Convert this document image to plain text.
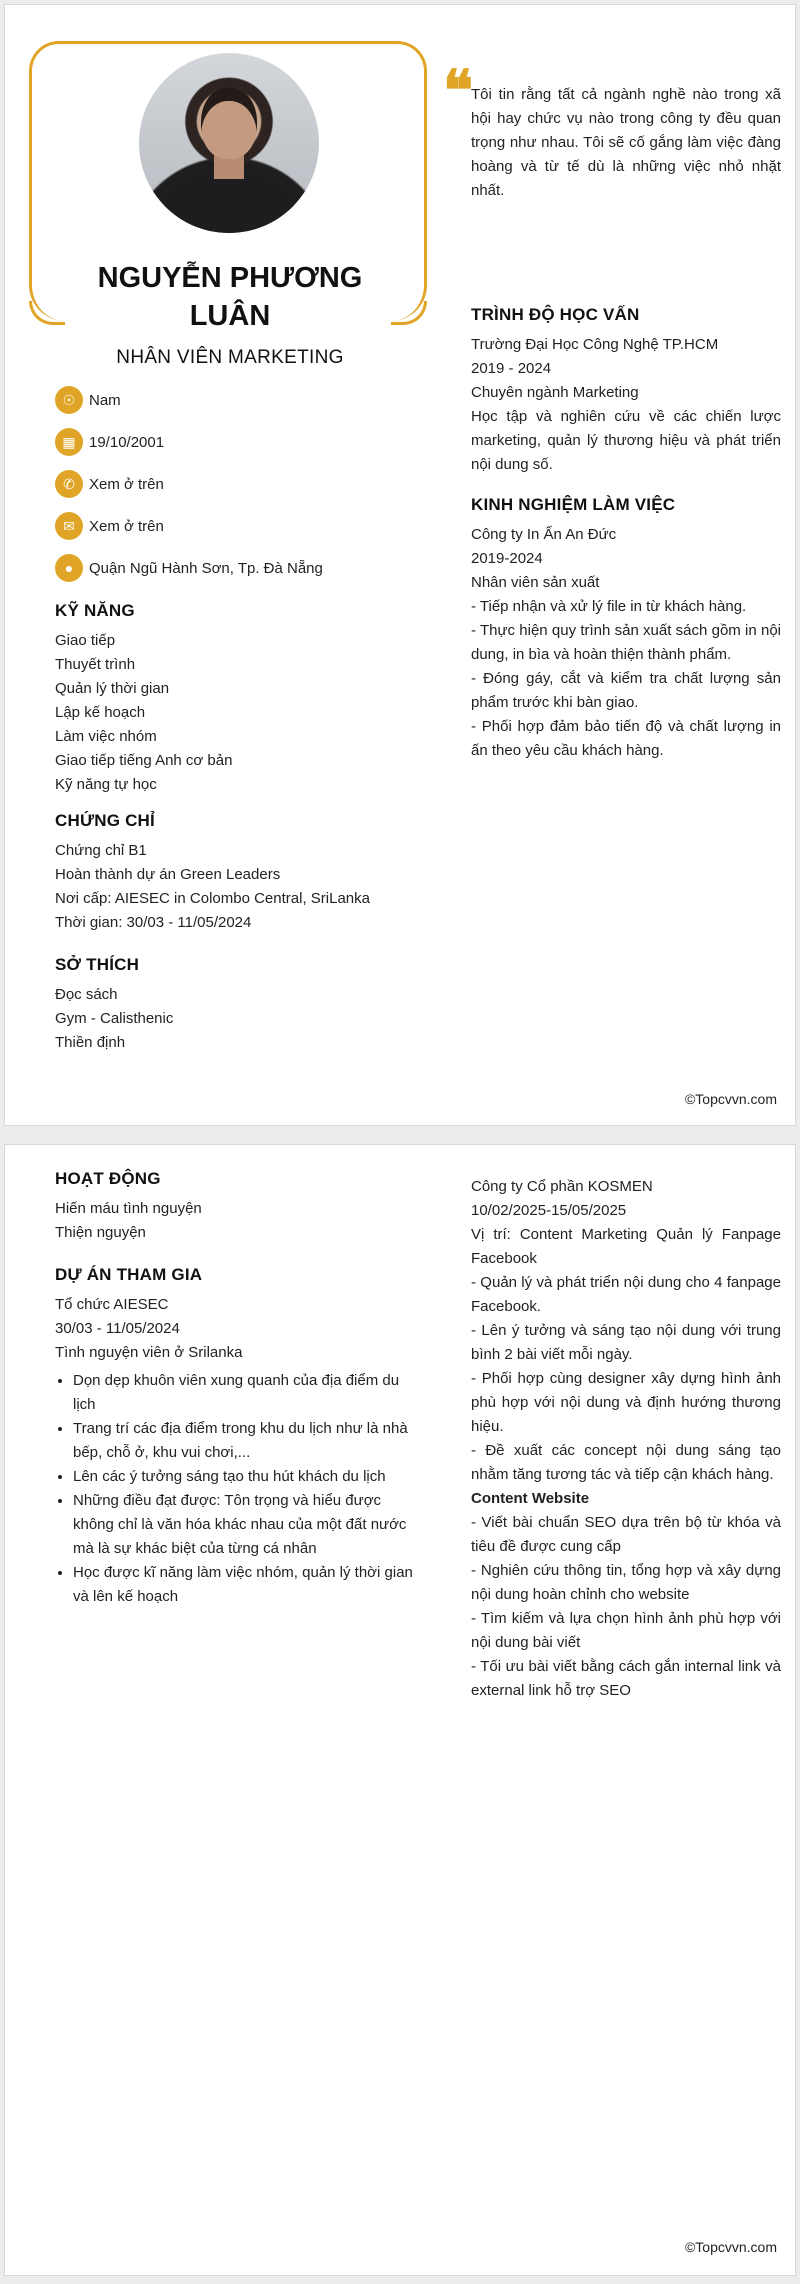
NGUYỄN PHƯƠNG LUÂN
NHÂN VIÊN MARKETING
☉ Nam
▦ 19/10/2001
✆ Xem ở trên
✉ Xem ở trên
●	Quận Ngũ Hành Sơn, Tp. Đà Nẵng
KỸ NĂNG
Giao tiếp
Thuyết trình
Quản lý thời gian
Lập kế hoạch
Làm việc nhóm
Giao tiếp tiếng Anh cơ bản
Kỹ năng tự học
CHỨNG CHỈ
Chứng chỉ B1
Hoàn thành dự án Green Leaders
Nơi cấp: AIESEC in Colombo Central, SriLanka
Thời gian: 30/03 - 11/05/2024
SỞ THÍCH
Đọc sách
Gym - Calisthenic
Thiền định
❝
Tôi tin rằng tất cả ngành nghề nào trong xã hội hay chức vụ nào trong công ty đều quan trọng như nhau. Tôi sẽ cố gắng làm việc đàng hoàng và từ tế dù là những việc nhỏ nhặt nhất.
TRÌNH ĐỘ HỌC VẤN
Trường Đại Học Công Nghệ TP.HCM
2019 - 2024
Chuyên ngành Marketing
Học tập và nghiên cứu về các chiến lược marketing, quản lý thương hiệu và phát triển nội dung số.
KINH NGHIỆM LÀM VIỆC
Công ty In Ấn An Đức
2019-2024
Nhân viên sản xuất
- Tiếp nhận và xử lý file in từ khách hàng.
- Thực hiện quy trình sản xuất sách gồm in nội dung, in bìa và hoàn thiện thành phẩm.
- Đóng gáy, cắt và kiểm tra chất lượng sản phẩm trước khi bàn giao.
- Phối hợp đảm bảo tiến độ và chất lượng in ấn theo yêu cầu khách hàng.
©Topcvvn.com
HOẠT ĐỘNG
Hiến máu tình nguyện
Thiện nguyện
DỰ ÁN THAM GIA
Tổ chức AIESEC
30/03 - 11/05/2024
Tình nguyện viên ở Srilanka
• Dọn dẹp khuôn viên xung quanh của địa điểm du lịch
• Trang trí các địa điểm trong khu du lịch như là nhà bếp, chỗ ở, khu vui chơi,...
• Lên các ý tưởng sáng tạo thu hút khách du lịch
• Những điều đạt được: Tôn trọng và hiểu được không chỉ là văn hóa khác nhau của một đất nước mà là sự khác biệt của từng cá nhân
• Học được kĩ năng làm việc nhóm, quản lý thời gian và lên kế hoạch
Công ty Cổ phần KOSMEN
10/02/2025-15/05/2025
Vị trí: Content Marketing Quản lý Fanpage Facebook
- Quản lý và phát triển nội dung cho 4 fanpage Facebook.
- Lên ý tưởng và sáng tạo nội dung với trung bình 2 bài viết mỗi ngày.
- Phối hợp cùng designer xây dựng hình ảnh phù hợp với nội dung và định hướng thương hiệu.
- Đề xuất các concept nội dung sáng tạo nhằm tăng tương tác và tiếp cận khách hàng.
Content Website
- Viết bài chuẩn SEO dựa trên bộ từ khóa và tiêu đề được cung cấp
- Nghiên cứu thông tin, tổng hợp và xây dựng nội dung hoàn chỉnh cho website
- Tìm kiếm và lựa chọn hình ảnh phù hợp với nội dung bài viết
- Tối ưu bài viết bằng cách gắn internal link và external link hỗ trợ SEO
©Topcvvn.com
